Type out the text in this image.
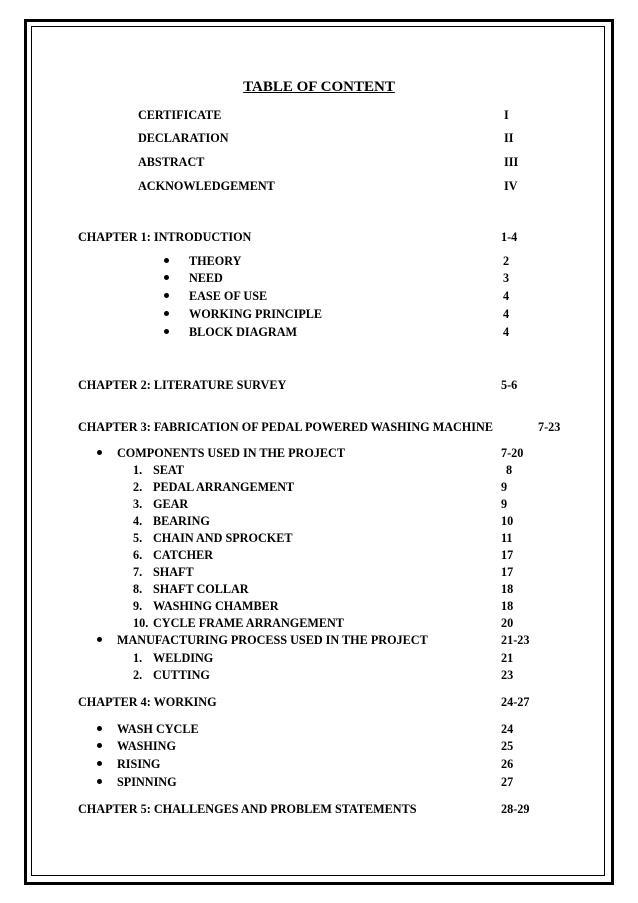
TABLE OF CONTENT
CERTIFICATE	I
DECLARATION	II
ABSTRACT	III
ACKNOWLEDGEMENT	IV
CHAPTER 1: INTRODUCTION	1-4
THEORY	2
NEED	3
EASE OF USE	4
WORKING PRINCIPLE	4
BLOCK DIAGRAM	4
CHAPTER 2: LITERATURE SURVEY	5-6
CHAPTER 3: FABRICATION OF PEDAL POWERED WASHING MACHINE	7-23
COMPONENTS USED IN THE PROJECT	7-20
1. SEAT	8
2. PEDAL ARRANGEMENT	9
3. GEAR	9
4. BEARING	10
5. CHAIN AND SPROCKET	11
6. CATCHER	17
7. SHAFT	17
8. SHAFT COLLAR	18
9. WASHING CHAMBER	18
10. CYCLE FRAME ARRANGEMENT	20
MANUFACTURING PROCESS USED IN THE PROJECT	21-23
1. WELDING	21
2. CUTTING	23
CHAPTER 4: WORKING	24-27
WASH CYCLE	24
WASHING	25
RISING	26
SPINNING	27
CHAPTER 5: CHALLENGES AND PROBLEM STATEMENTS	28-29
